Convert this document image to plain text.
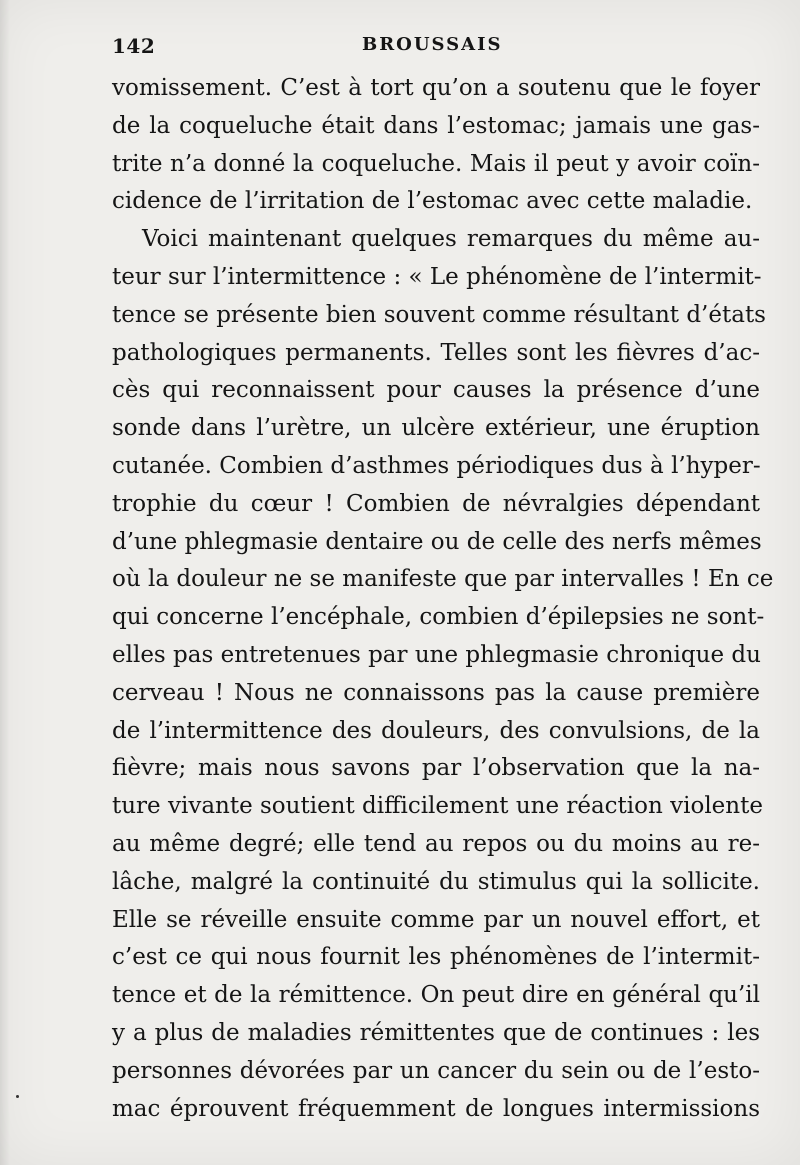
142	BROUSSAIS
vomissement. C’est à tort qu’on a soutenu que le foyer
de la coqueluche était dans l’estomac; jamais une gas-
trite n’a donné la coqueluche. Mais il peut y avoir coïn-
cidence de l’irritation de l’estomac avec cette maladie.
Voici maintenant quelques remarques du même au-
teur sur l’intermittence : « Le phénomène de l’intermit-
tence se présente bien souvent comme résultant d’états
pathologiques permanents. Telles sont les fièvres d’ac-
cès qui reconnaissent pour causes la présence d’une
sonde dans l’urètre, un ulcère extérieur, une éruption
cutanée. Combien d’asthmes périodiques dus à l’hyper-
trophie du cœur ! Combien de névralgies dépendant
d’une phlegmasie dentaire ou de celle des nerfs mêmes
où la douleur ne se manifeste que par intervalles ! En ce
qui concerne l’encéphale, combien d’épilepsies ne sont-
elles pas entretenues par une phlegmasie chronique du
cerveau ! Nous ne connaissons pas la cause première
de l’intermittence des douleurs, des convulsions, de la
fièvre; mais nous savons par l’observation que la na-
ture vivante soutient difficilement une réaction violente
au même degré; elle tend au repos ou du moins au re-
lâche, malgré la continuité du stimulus qui la sollicite.
Elle se réveille ensuite comme par un nouvel effort, et
c’est ce qui nous fournit les phénomènes de l’intermit-
tence et de la rémittence. On peut dire en général qu’il
y a plus de maladies rémittentes que de continues : les
personnes dévorées par un cancer du sein ou de l’esto-
mac éprouvent fréquemment de longues intermissions
